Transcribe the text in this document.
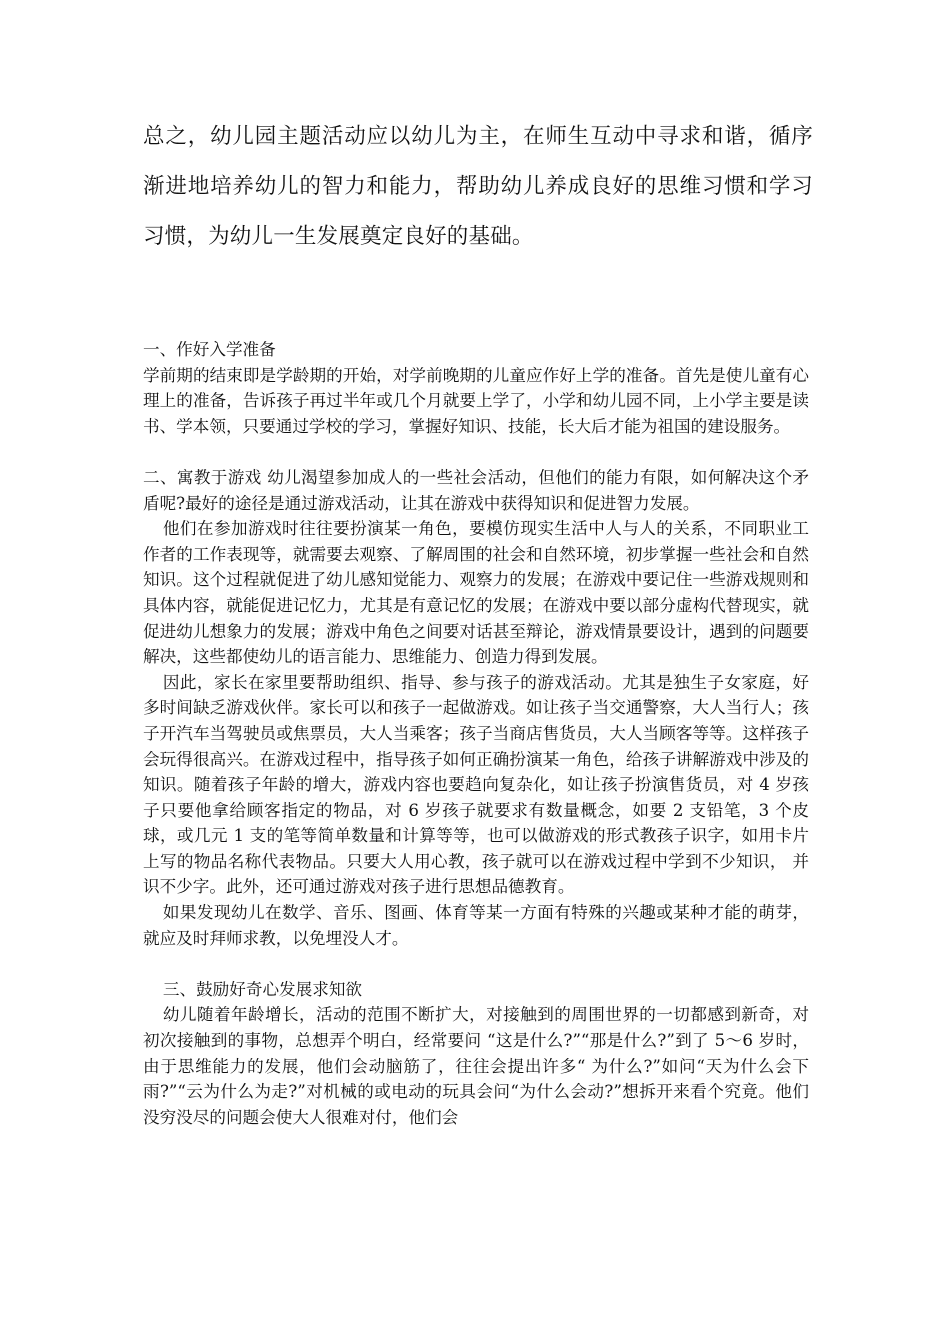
总之，幼儿园主题活动应以幼儿为主，在师生互动中寻求和谐，循序渐进地培养幼儿的智力和能力，帮助幼儿养成良好的思维习惯和学习习惯，为幼儿一生发展奠定良好的基础。

一、作好入学准备

学前期的结束即是学龄期的开始，对学前晚期的儿童应作好上学的准备。首先是使儿童有心理上的准备，告诉孩子再过半年或几个月就要上学了，小学和幼儿园不同，上小学主要是读书、学本领，只要通过学校的学习，掌握好知识、技能，长大后才能为祖国的建设服务。

二、寓教于游戏 幼儿渴望参加成人的一些社会活动，但他们的能力有限，如何解决这个矛盾呢?最好的途径是通过游戏活动，让其在游戏中获得知识和促进智力发展。

他们在参加游戏时往往要扮演某一角色，要模仿现实生活中人与人的关系，不同职业工作者的工作表现等，就需要去观察、了解周围的社会和自然环境，初步掌握一些社会和自然知识。这个过程就促进了幼儿感知觉能力、观察力的发展；在游戏中要记住一些游戏规则和具体内容，就能促进记忆力，尤其是有意记忆的发展；在游戏中要以部分虚构代替现实，就促进幼儿想象力的发展；游戏中角色之间要对话甚至辩论，游戏情景要设计，遇到的问题要解决，这些都使幼儿的语言能力、思维能力、创造力得到发展。

因此，家长在家里要帮助组织、指导、参与孩子的游戏活动。尤其是独生子女家庭，好多时间缺乏游戏伙伴。家长可以和孩子一起做游戏。如让孩子当交通警察，大人当行人；孩子开汽车当驾驶员或焦票员，大人当乘客；孩子当商店售货员，大人当顾客等等。这样孩子会玩得很高兴。在游戏过程中，指导孩子如何正确扮演某一角色，给孩子讲解游戏中涉及的知识。随着孩子年龄的增大，游戏内容也要趋向复杂化，如让孩子扮演售货员，对 4 岁孩子只要他拿给顾客指定的物品，对 6 岁孩子就要求有数量概念，如要 2 支铅笔，3 个皮球，或几元 1 支的笔等简单数量和计算等等，也可以做游戏的形式教孩子识字，如用卡片上写的物品名称代表物品。只要大人用心教，孩子就可以在游戏过程中学到不少知识， 并识不少字。此外，还可通过游戏对孩子进行思想品德教育。

如果发现幼儿在数学、音乐、图画、体育等某一方面有特殊的兴趣或某种才能的萌芽，就应及时拜师求教，以免埋没人才。

三、鼓励好奇心发展求知欲

幼儿随着年龄增长，活动的范围不断扩大，对接触到的周围世界的一切都感到新奇，对初次接触到的事物，总想弄个明白，经常要问 “这是什么?”“那是什么?”到了 5～6 岁时，由于思维能力的发展，他们会动脑筋了，往往会提出许多“ 为什么?”如问“天为什么会下雨?”“云为什么为走?”对机械的或电动的玩具会问“为什么会动?”想拆开来看个究竟。他们没穷没尽的问题会使大人很难对付，他们会
